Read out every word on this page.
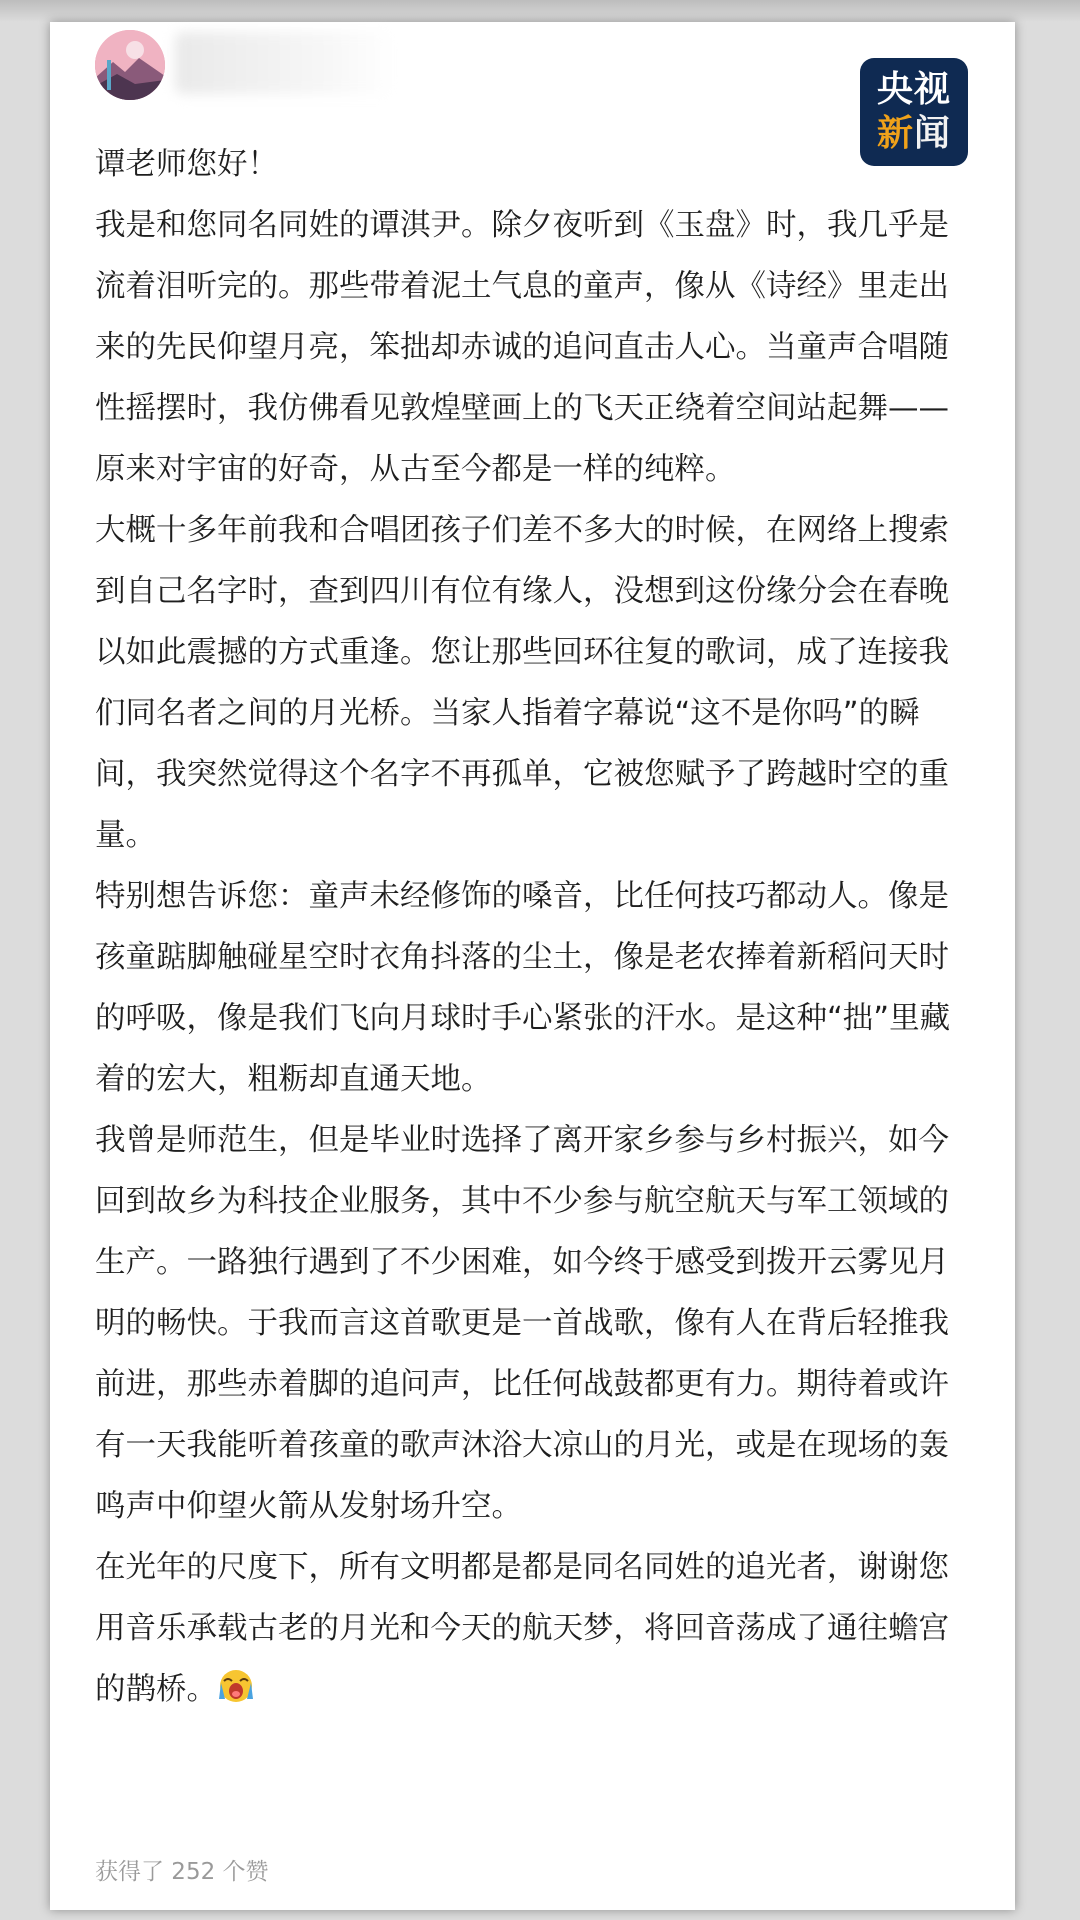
央视
新闻

谭老师您好！

我是和您同名同姓的谭淇尹。除夕夜听到《玉盘》时，我几乎是流着泪听完的。那些带着泥土气息的童声，像从《诗经》里走出来的先民仰望月亮，笨拙却赤诚的追问直击人心。当童声合唱随性摇摆时，我仿佛看见敦煌壁画上的飞天正绕着空间站起舞——原来对宇宙的好奇，从古至今都是一样的纯粹。

大概十多年前我和合唱团孩子们差不多大的时候，在网络上搜索到自己名字时，查到四川有位有缘人，没想到这份缘分会在春晚以如此震撼的方式重逢。您让那些回环往复的歌词，成了连接我们同名者之间的月光桥。当家人指着字幕说“这不是你吗”的瞬间，我突然觉得这个名字不再孤单，它被您赋予了跨越时空的重量。

特别想告诉您：童声未经修饰的嗓音，比任何技巧都动人。像是孩童踮脚触碰星空时衣角抖落的尘土，像是老农捧着新稻问天时的呼吸，像是我们飞向月球时手心紧张的汗水。是这种“拙”里藏着的宏大，粗粝却直通天地。

我曾是师范生，但是毕业时选择了离开家乡参与乡村振兴，如今回到故乡为科技企业服务，其中不少参与航空航天与军工领域的生产。一路独行遇到了不少困难，如今终于感受到拨开云雾见月明的畅快。于我而言这首歌更是一首战歌，像有人在背后轻推我前进，那些赤着脚的追问声，比任何战鼓都更有力。期待着或许有一天我能听着孩童的歌声沐浴大凉山的月光，或是在现场的轰鸣声中仰望火箭从发射场升空。

在光年的尺度下，所有文明都是都是同名同姓的追光者，谢谢您用音乐承载古老的月光和今天的航天梦，将回音荡成了通往蟾宫的鹊桥。

获得了 252 个赞
